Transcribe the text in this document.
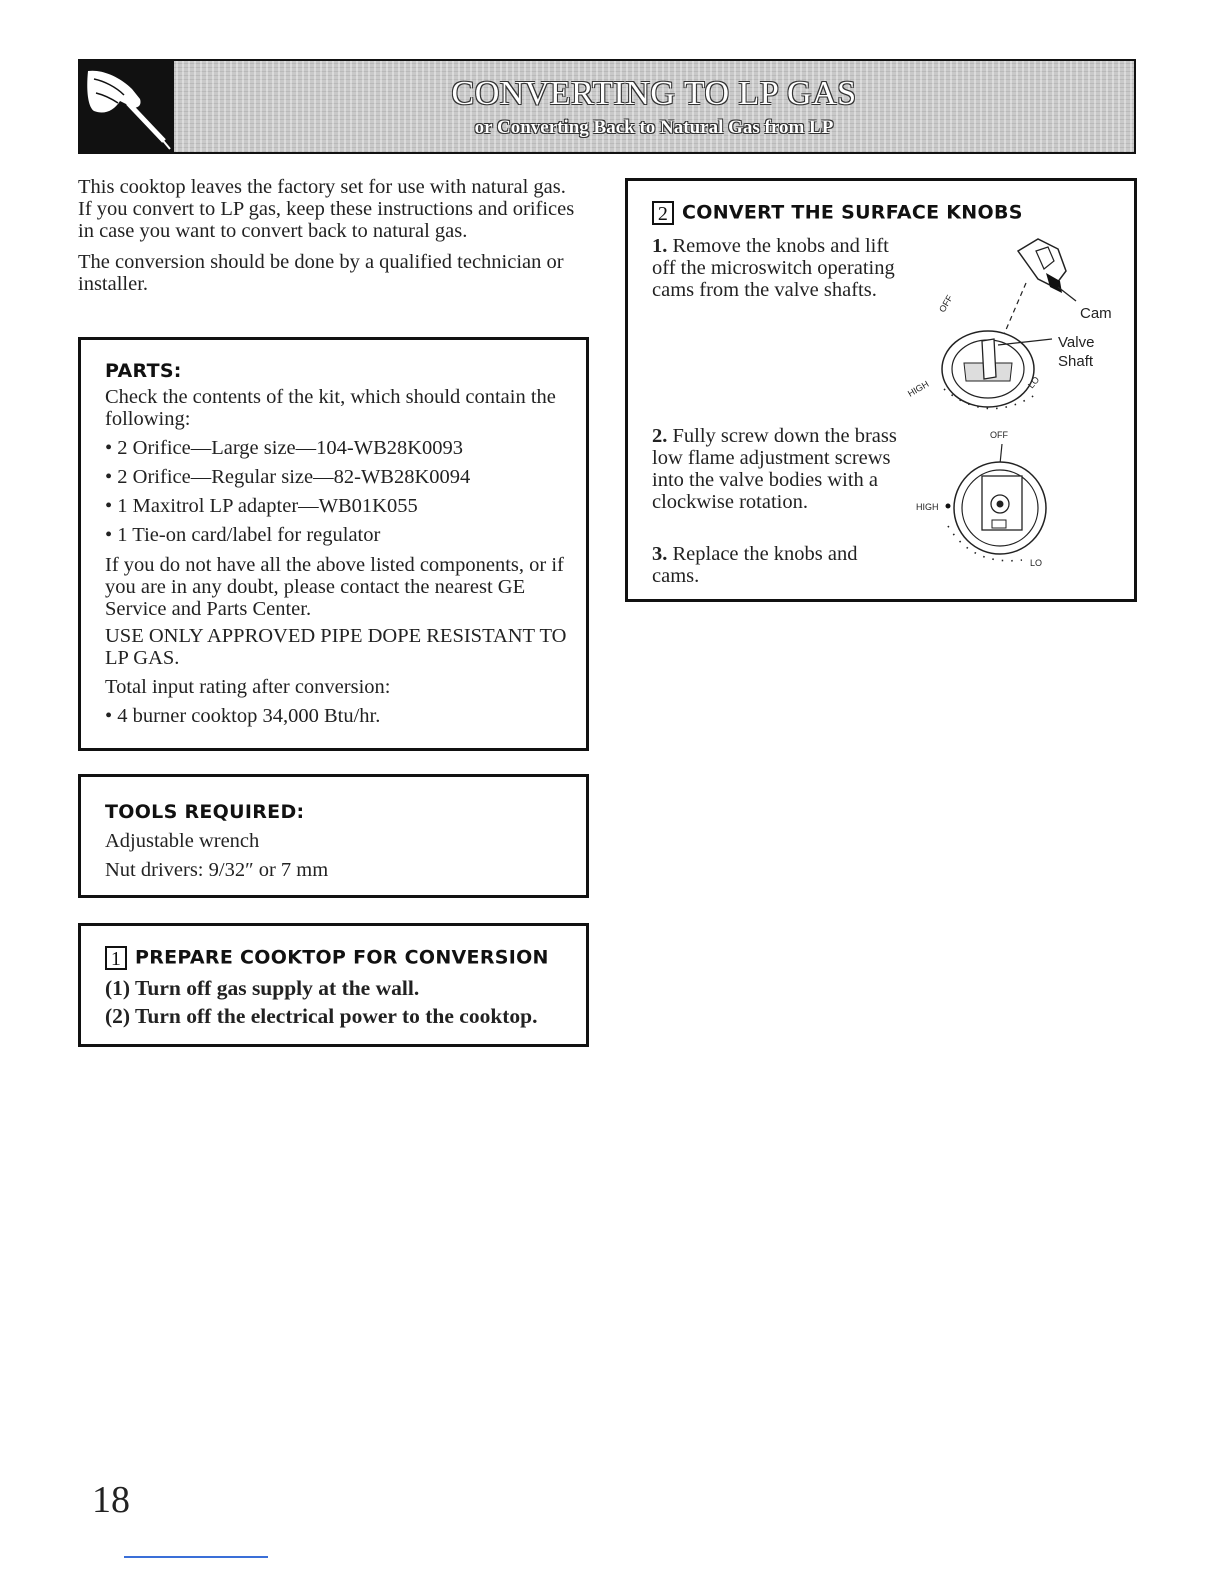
CONVERTING TO LP GAS
or Converting Back to Natural Gas from LP

This cooktop leaves the factory set for use with natural gas. If you convert to LP gas, keep these instructions and orifices in case you want to convert back to natural gas.

The conversion should be done by a qualified technician or installer.

PARTS:

Check the contents of the kit, which should contain the following:

• 2 Orifice—Large size—104-WB28K0093
• 2 Orifice—Regular size—82-WB28K0094
• 1 Maxitrol LP adapter—WB01K055
• 1 Tie-on card/label for regulator

If you do not have all the above listed components, or if you are in any doubt, please contact the nearest GE Service and Parts Center.

USE ONLY APPROVED PIPE DOPE RESISTANT TO LP GAS.

Total input rating after conversion:

• 4 burner cooktop 34,000 Btu/hr.

TOOLS REQUIRED:

Adjustable wrench

Nut drivers: 9/32″ or 7 mm

1 PREPARE COOKTOP FOR CONVERSION

(1) Turn off gas supply at the wall.

(2) Turn off the electrical power to the cooktop.

2 CONVERT THE SURFACE KNOBS

1. Remove the knobs and lift off the microswitch operating cams from the valve shafts.

2. Fully screw down the brass low flame adjustment screws into the valve bodies with a clockwise rotation.

3. Replace the knobs and cams.

Cam
Valve
Shaft
OFF
HIGH	LO
OFF
HIGH
LO
18
